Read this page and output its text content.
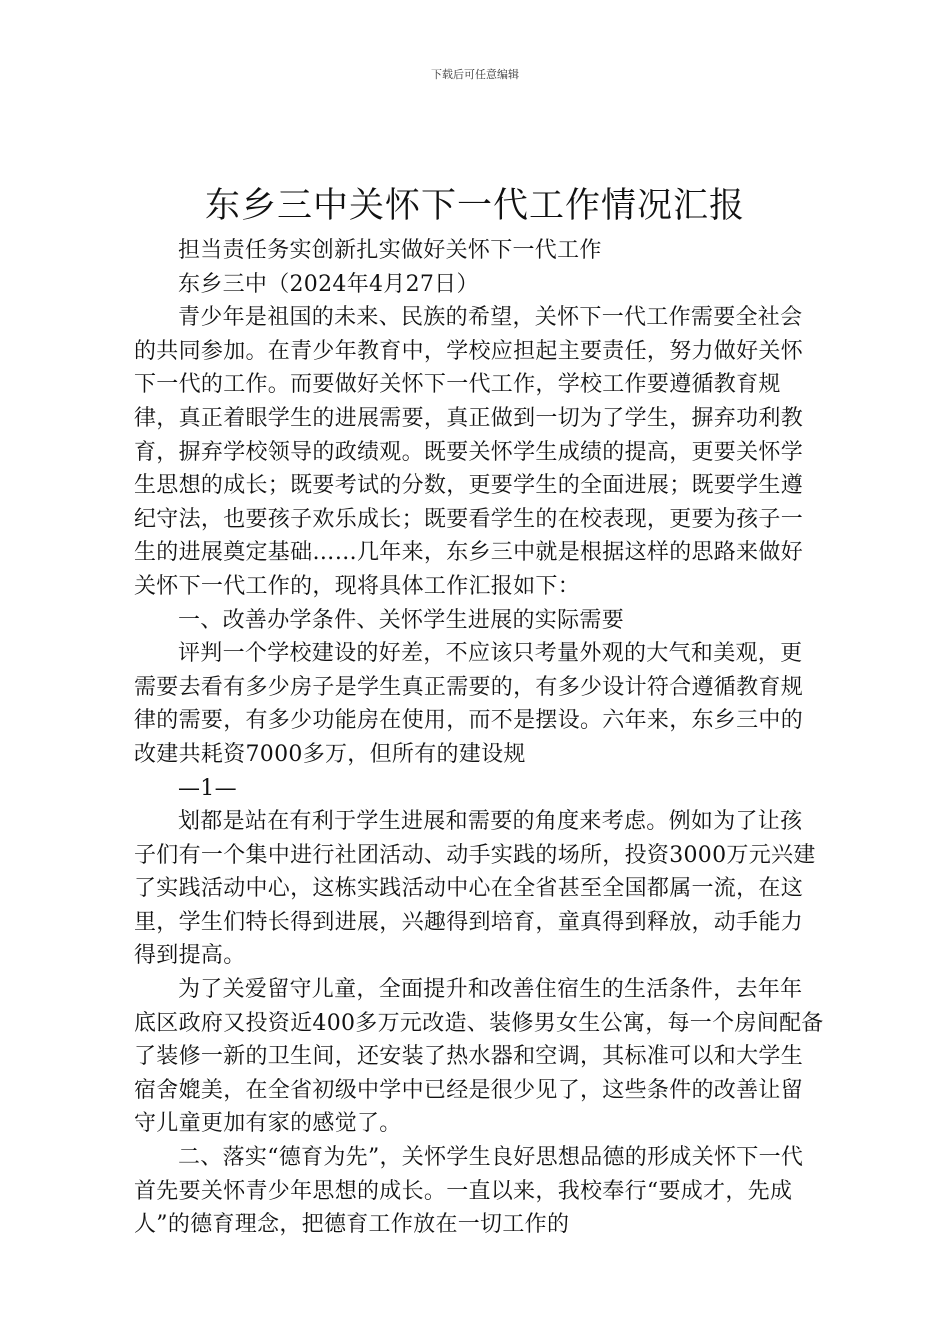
下载后可任意编辑
东乡三中关怀下一代工作情况汇报

担当责任务实创新扎实做好关怀下一代工作

东乡三中（2024年4月27日）

青少年是祖国的未来、民族的希望，关怀下一代工作需要全社会的共同参加。在青少年教育中，学校应担起主要责任，努力做好关怀下一代的工作。而要做好关怀下一代工作，学校工作要遵循教育规律，真正着眼学生的进展需要，真正做到一切为了学生，摒弃功利教育，摒弃学校领导的政绩观。既要关怀学生成绩的提高，更要关怀学生思想的成长；既要考试的分数，更要学生的全面进展；既要学生遵纪守法，也要孩子欢乐成长；既要看学生的在校表现，更要为孩子一生的进展奠定基础……几年来，东乡三中就是根据这样的思路来做好关怀下一代工作的，现将具体工作汇报如下：

一、改善办学条件、关怀学生进展的实际需要

评判一个学校建设的好差，不应该只考量外观的大气和美观，更需要去看有多少房子是学生真正需要的，有多少设计符合遵循教育规律的需要，有多少功能房在使用，而不是摆设。六年来，东乡三中的改建共耗资7000多万，但所有的建设规

—1—

划都是站在有利于学生进展和需要的角度来考虑。例如为了让孩子们有一个集中进行社团活动、动手实践的场所，投资3000万元兴建了实践活动中心，这栋实践活动中心在全省甚至全国都属一流，在这里，学生们特长得到进展，兴趣得到培育，童真得到释放，动手能力得到提高。

为了关爱留守儿童，全面提升和改善住宿生的生活条件，去年年底区政府又投资近400多万元改造、装修男女生公寓，每一个房间配备了装修一新的卫生间，还安装了热水器和空调，其标准可以和大学生宿舍媲美，在全省初级中学中已经是很少见了，这些条件的改善让留守儿童更加有家的感觉了。

二、落实“德育为先”，关怀学生良好思想品德的形成关怀下一代首先要关怀青少年思想的成长。一直以来，我校奉行“要成才，先成人”的德育理念，把德育工作放在一切工作的
